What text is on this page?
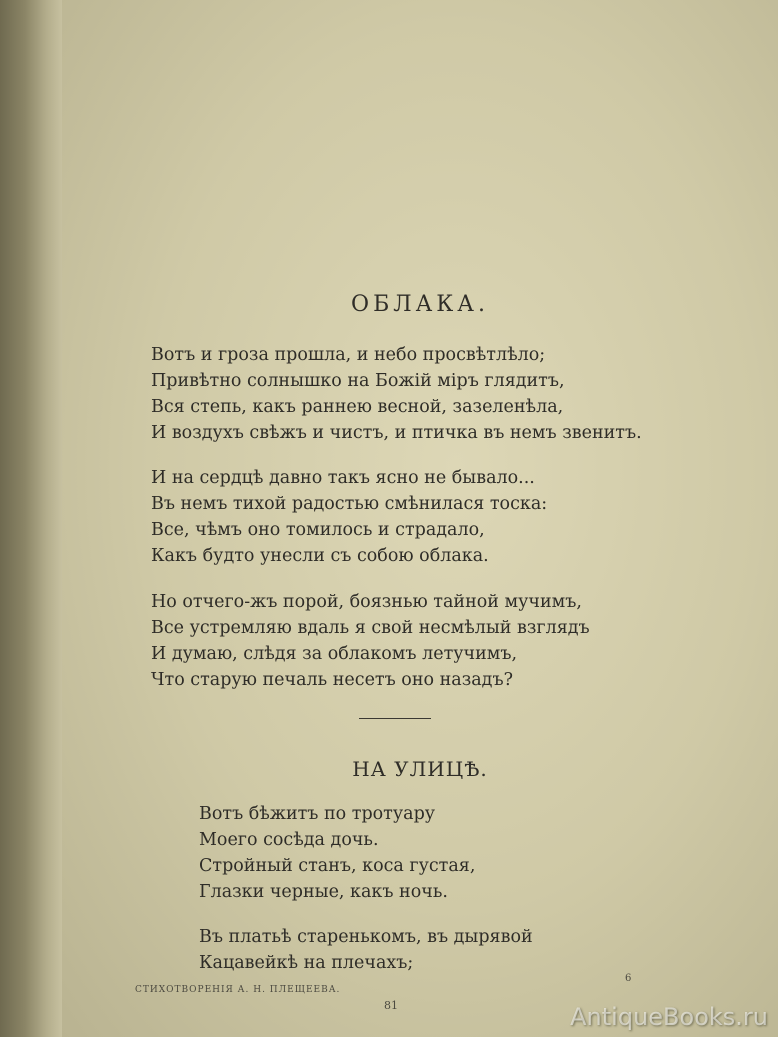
ОБЛАКА.
Вотъ и гроза прошла, и небо просвѣтлѣло;
Привѣтно солнышко на Божій міръ глядитъ,
Вся степь, какъ раннею весной, зазеленѣла,
И воздухъ свѣжъ и чистъ, и птичка въ немъ звенитъ.
И на сердцѣ давно такъ ясно не бывало...
Въ немъ тихой радостью смѣнилася тоска:
Все, чѣмъ оно томилось и страдало,
Какъ будто унесли съ собою облака.
Но отчего-жъ порой, боязнью тайной мучимъ,
Все устремляю вдаль я свой несмѣлый взглядъ
И думаю, слѣдя за облакомъ летучимъ,
Что старую печаль несетъ оно назадъ?
НА УЛИЦѢ.
Вотъ бѣжитъ по тротуару
Моего сосѣда дочь.
Стройный станъ, коса густая,
Глазки черные, какъ ночь.
Въ платьѣ старенькомъ, въ дырявой
Кацавейкѣ на плечахъ;
СТИХОТВОРЕНІЯ А. Н. ПЛЕЩЕЕВА.
6
81	AntiqueBooks.ru
